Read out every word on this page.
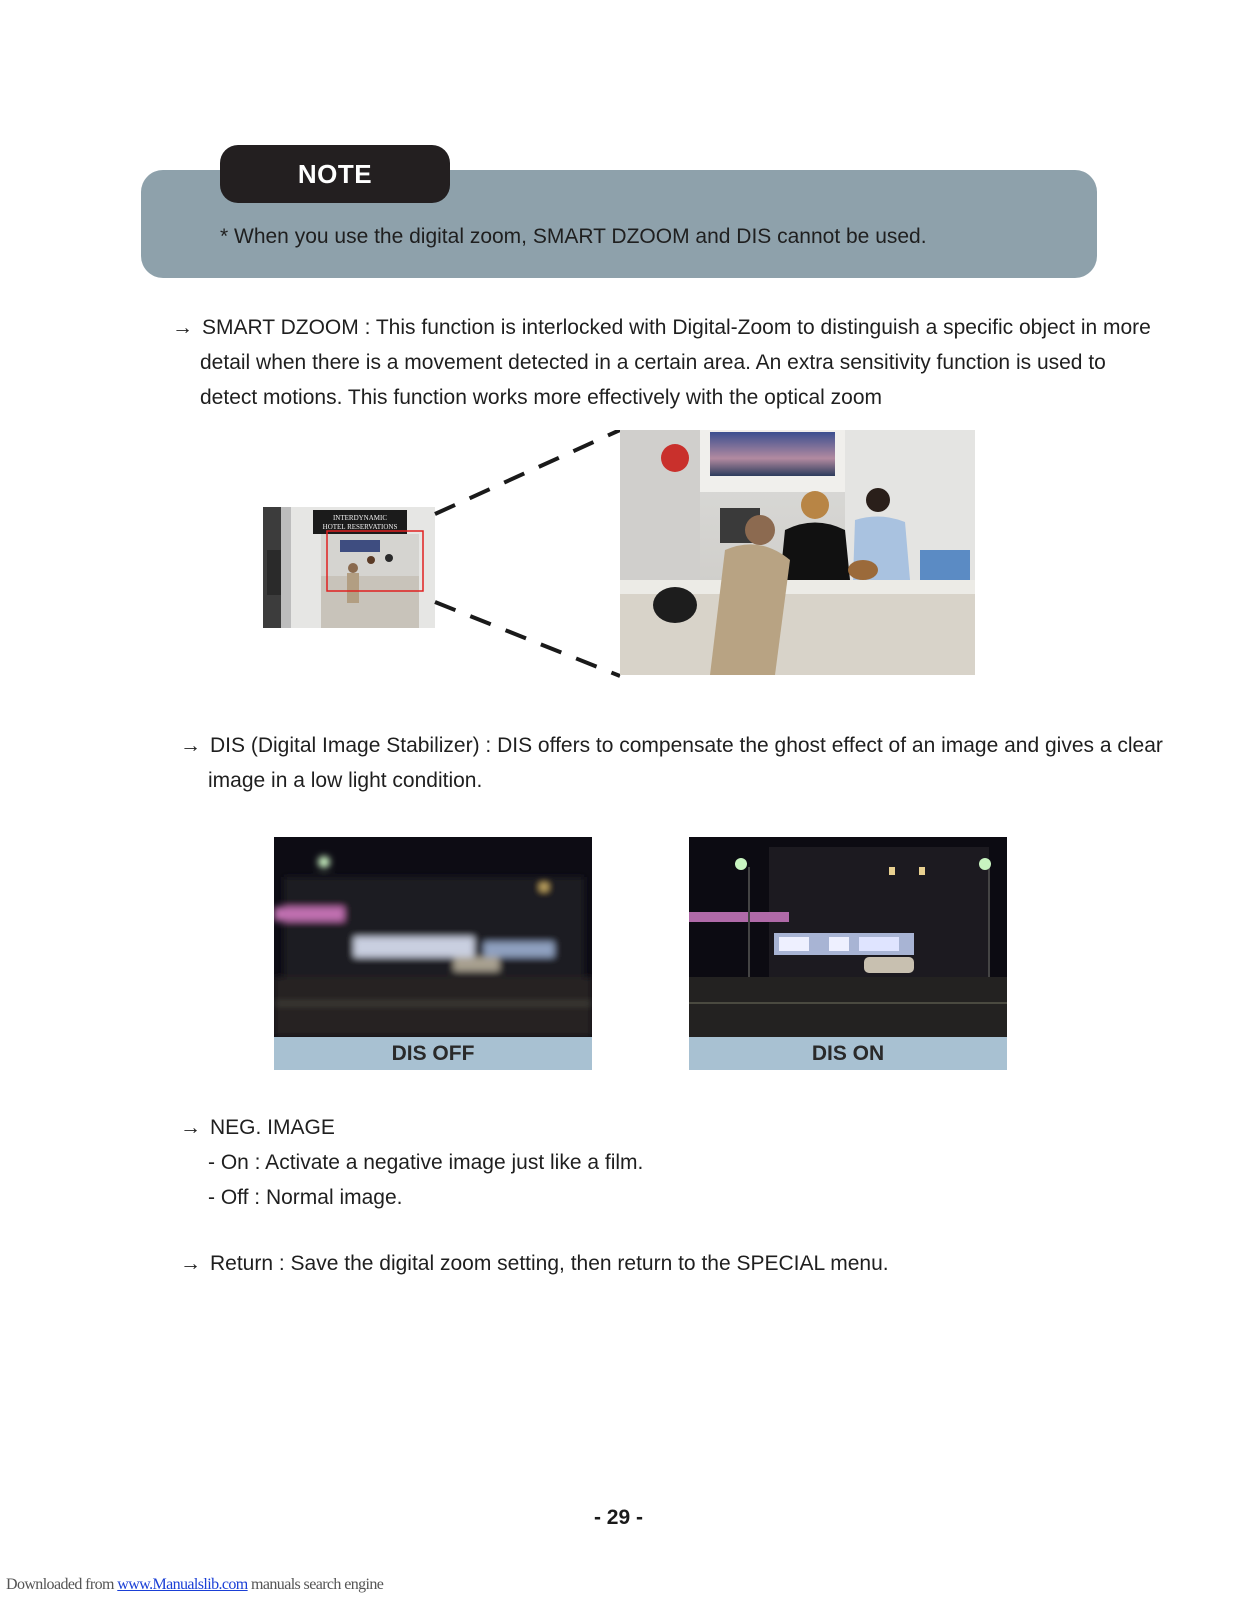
NOTE
* When you use the digital zoom, SMART DZOOM and DIS cannot be used.
→ SMART DZOOM : This function is interlocked with Digital-Zoom to distinguish a specific object in more
detail when there is a movement detected in a certain area. An extra sensitivity function is used to
detect motions. This function works more effectively with the optical zoom
INTERDYNAMIC
HOTEL RESERVATIONS
→ DIS (Digital Image Stabilizer) : DIS offers to compensate the ghost effect of an image and gives a clear
image in a low light condition.
DIS OFF	DIS ON
→ NEG. IMAGE
- On : Activate a negative image just like a film.
- Off : Normal image.
→ Return : Save the digital zoom setting, then return to the SPECIAL menu.
- 29 -
Downloaded from www.Manualslib.com manuals search engine
